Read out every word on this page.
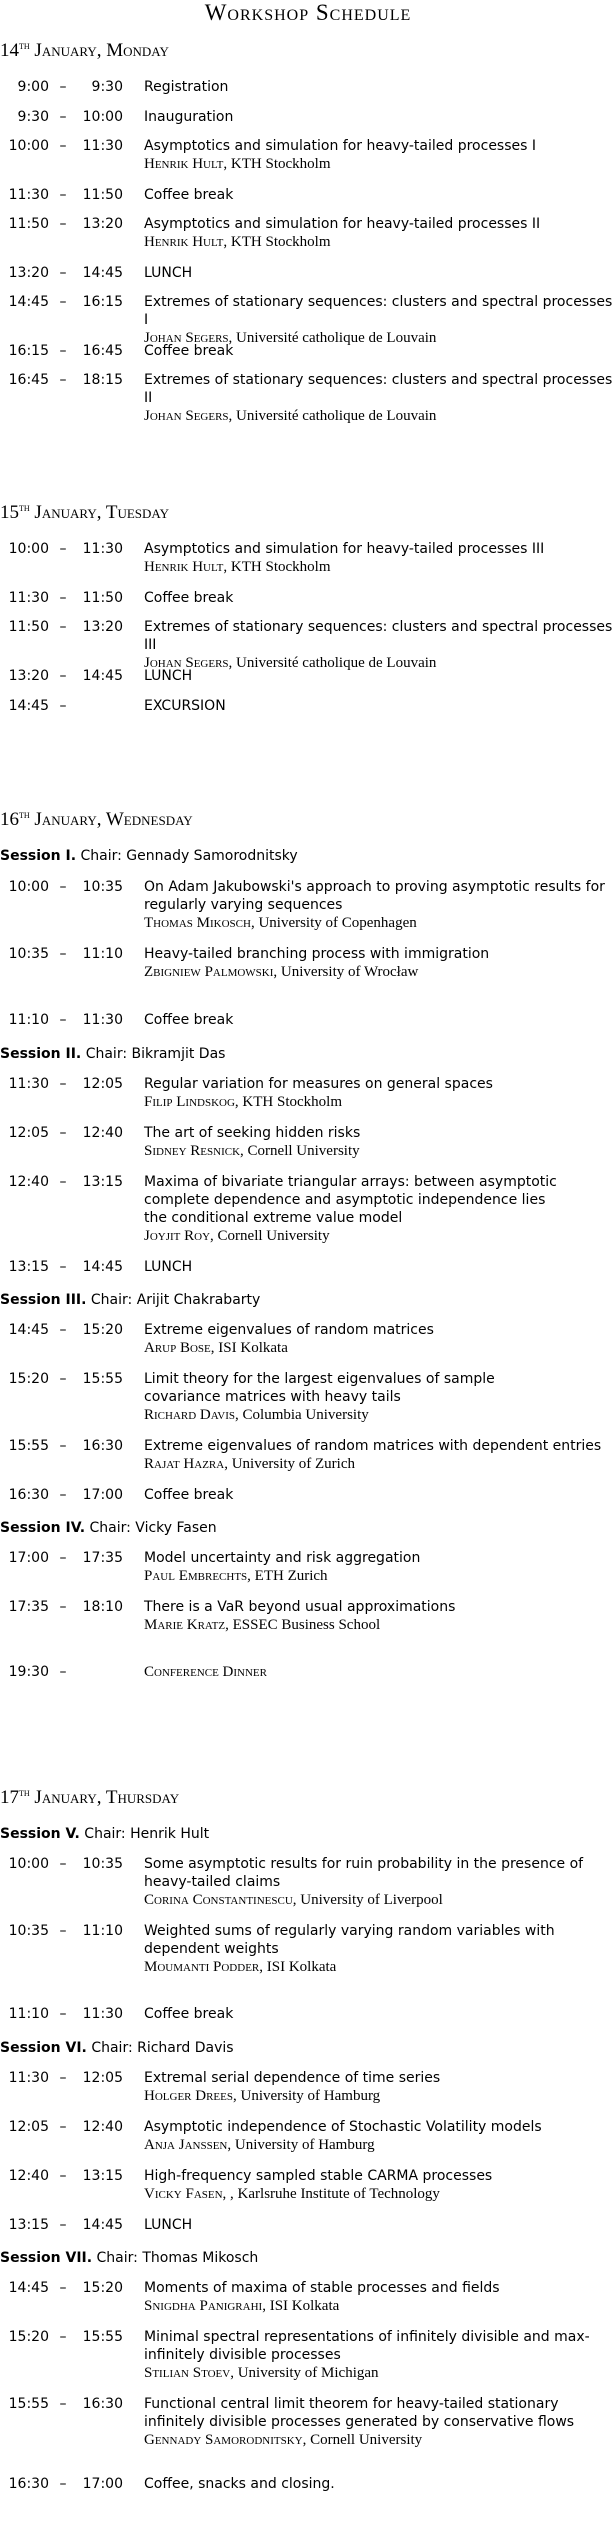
Workshop Schedule
14th January, Monday
9:00 –	9:30 Registration
9:30 –	10:00 Inauguration
10:00 –	11:30 Asymptotics and simulation for heavy-tailed processes I
Henrik Hult, KTH Stockholm
11:30 –	11:50 Coffee break
11:50 –	13:20 Asymptotics and simulation for heavy-tailed processes II
Henrik Hult, KTH Stockholm
13:20 –	14:45 LUNCH
14:45 –	16:15 Extremes of stationary sequences: clusters and spectral processes I
Johan Segers, Université catholique de Louvain
16:15 –	16:45 Coffee break
16:45 –	18:15 Extremes of stationary sequences: clusters and spectral processes II
Johan Segers, Université catholique de Louvain
15th January, Tuesday
10:00 –	11:30 Asymptotics and simulation for heavy-tailed processes III
Henrik Hult, KTH Stockholm
11:30 –	11:50 Coffee break
11:50 –	13:20 Extremes of stationary sequences: clusters and spectral processes III
Johan Segers, Université catholique de Louvain
13:20 –	14:45 LUNCH
14:45 –	EXCURSION
16th January, Wednesday
Session I. Chair: Gennady Samorodnitsky
10:00 –	10:35 On Adam Jakubowski's approach to proving asymptotic results for regularly varying sequences
Thomas Mikosch, University of Copenhagen
10:35 –	11:10 Heavy-tailed branching process with immigration
Zbigniew Palmowski, University of Wrocław
11:10 –	11:30 Coffee break
Session II. Chair: Bikramjit Das
11:30 –	12:05 Regular variation for measures on general spaces
Filip Lindskog, KTH Stockholm
12:05 –	12:40 The art of seeking hidden risks
Sidney Resnick, Cornell University
12:40 –	13:15 Maxima of bivariate triangular arrays: between asymptotic complete dependence and asymptotic independence lies the conditional extreme value model
Joyjit Roy, Cornell University
13:15 –	14:45 LUNCH
Session III. Chair: Arijit Chakrabarty
14:45 –	15:20 Extreme eigenvalues of random matrices
Arup Bose, ISI Kolkata
15:20 –	15:55 Limit theory for the largest eigenvalues of sample covariance matrices with heavy tails
Richard Davis, Columbia University
15:55 –	16:30 Extreme eigenvalues of random matrices with dependent entries
Rajat Hazra, University of Zurich
16:30 –	17:00 Coffee break
Session IV. Chair: Vicky Fasen
17:00 –	17:35 Model uncertainty and risk aggregation
Paul Embrechts, ETH Zurich
17:35 –	18:10 There is a VaR beyond usual approximations
Marie Kratz, ESSEC Business School
19:30 –	Conference Dinner
17th January, Thursday
Session V. Chair: Henrik Hult
10:00 –	10:35 Some asymptotic results for ruin probability in the presence of heavy-tailed claims
Corina Constantinescu, University of Liverpool
10:35 –	11:10 Weighted sums of regularly varying random variables with dependent weights
Moumanti Podder, ISI Kolkata
11:10 –	11:30 Coffee break
Session VI. Chair: Richard Davis
11:30 –	12:05 Extremal serial dependence of time series
Holger Drees, University of Hamburg
12:05 –	12:40 Asymptotic independence of Stochastic Volatility models
Anja Janssen, University of Hamburg
12:40 –	13:15 High-frequency sampled stable CARMA processes
Vicky Fasen, , Karlsruhe Institute of Technology
13:15 –	14:45 LUNCH
Session VII. Chair: Thomas Mikosch
14:45 –	15:20 Moments of maxima of stable processes and fields
Snigdha Panigrahi, ISI Kolkata
15:20 –	15:55 Minimal spectral representations of infinitely divisible and max-infinitely divisible processes
Stilian Stoev, University of Michigan
15:55 –	16:30 Functional central limit theorem for heavy-tailed stationary infinitely divisible processes generated by conservative flows
Gennady Samorodnitsky, Cornell University
16:30 –	17:00 Coffee, snacks and closing.
